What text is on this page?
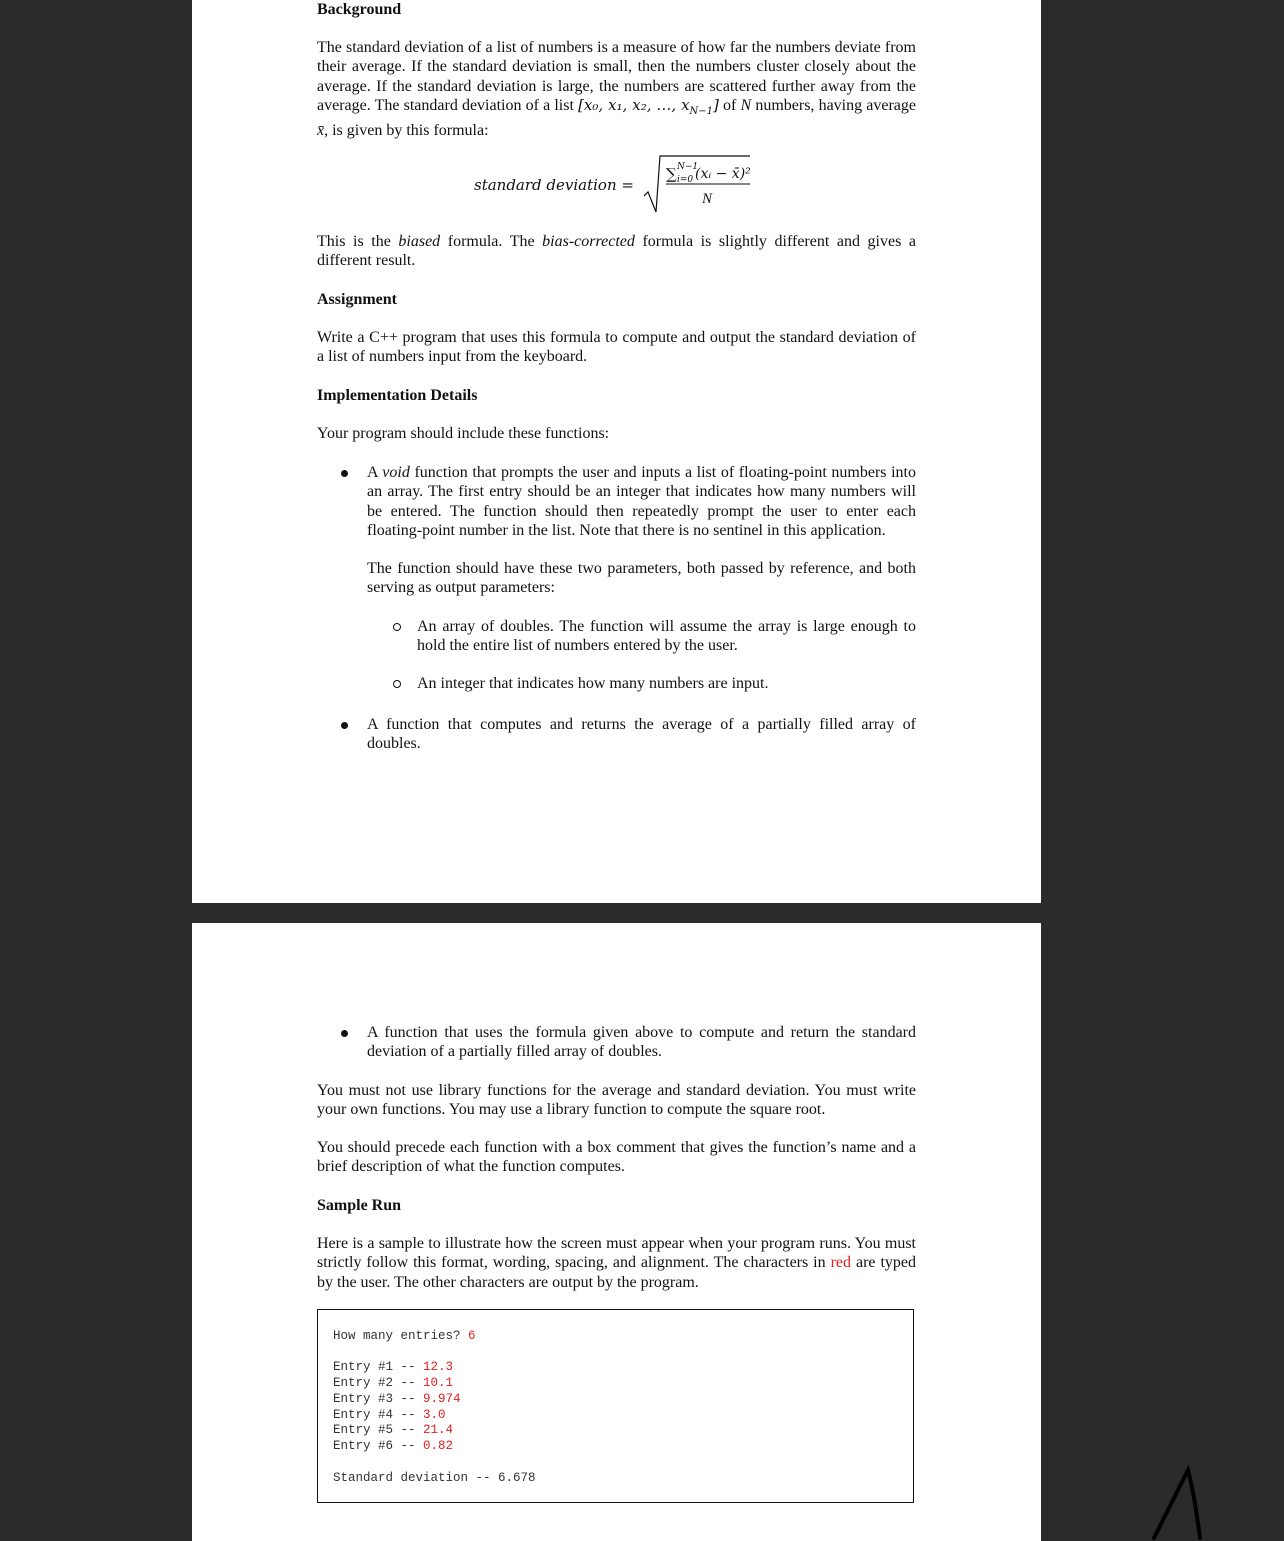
Background

The standard deviation of a list of numbers is a measure of how far the numbers deviate from their average. If the standard deviation is small, then the numbers cluster closely about the average. If the standard deviation is large, the numbers are scattered further away from the average. The standard deviation of a list [x₀, x₁, x₂, …, $x_{N-1}$] of N numbers, having average x̄, is given by this formula:

standard deviation =
∑ N−1
i=0 (xᵢ − x̄)²
N

This is the biased formula. The bias-corrected formula is slightly different and gives a different result.

Assignment

Write a C++ program that uses this formula to compute and output the standard deviation of a list of numbers input from the keyboard.

Implementation Details

Your program should include these functions:

A void function that prompts the user and inputs a list of floating-point numbers into an array. The first entry should be an integer that indicates how many numbers will be entered. The function should then repeatedly prompt the user to enter each floating-point number in the list. Note that there is no sentinel in this application.

The function should have these two parameters, both passed by reference, and both serving as output parameters:

An array of doubles. The function will assume the array is large enough to hold the entire list of numbers entered by the user.

An integer that indicates how many numbers are input.

A function that computes and returns the average of a partially filled array of doubles.

A function that uses the formula given above to compute and return the standard deviation of a partially filled array of doubles.

You must not use library functions for the average and standard deviation. You must write your own functions. You may use a library function to compute the square root.

You should precede each function with a box comment that gives the function’s name and a brief description of what the function computes.

Sample Run

Here is a sample to illustrate how the screen must appear when your program runs. You must strictly follow this format, wording, spacing, and alignment. The characters in red are typed by the user. The other characters are output by the program.

How many entries? 6
Entry #1 -- 12.3
Entry #2 -- 10.1
Entry #3 -- 9.974
Entry #4 -- 3.0
Entry #5 -- 21.4
Entry #6 -- 0.82
Standard deviation -- 6.678
